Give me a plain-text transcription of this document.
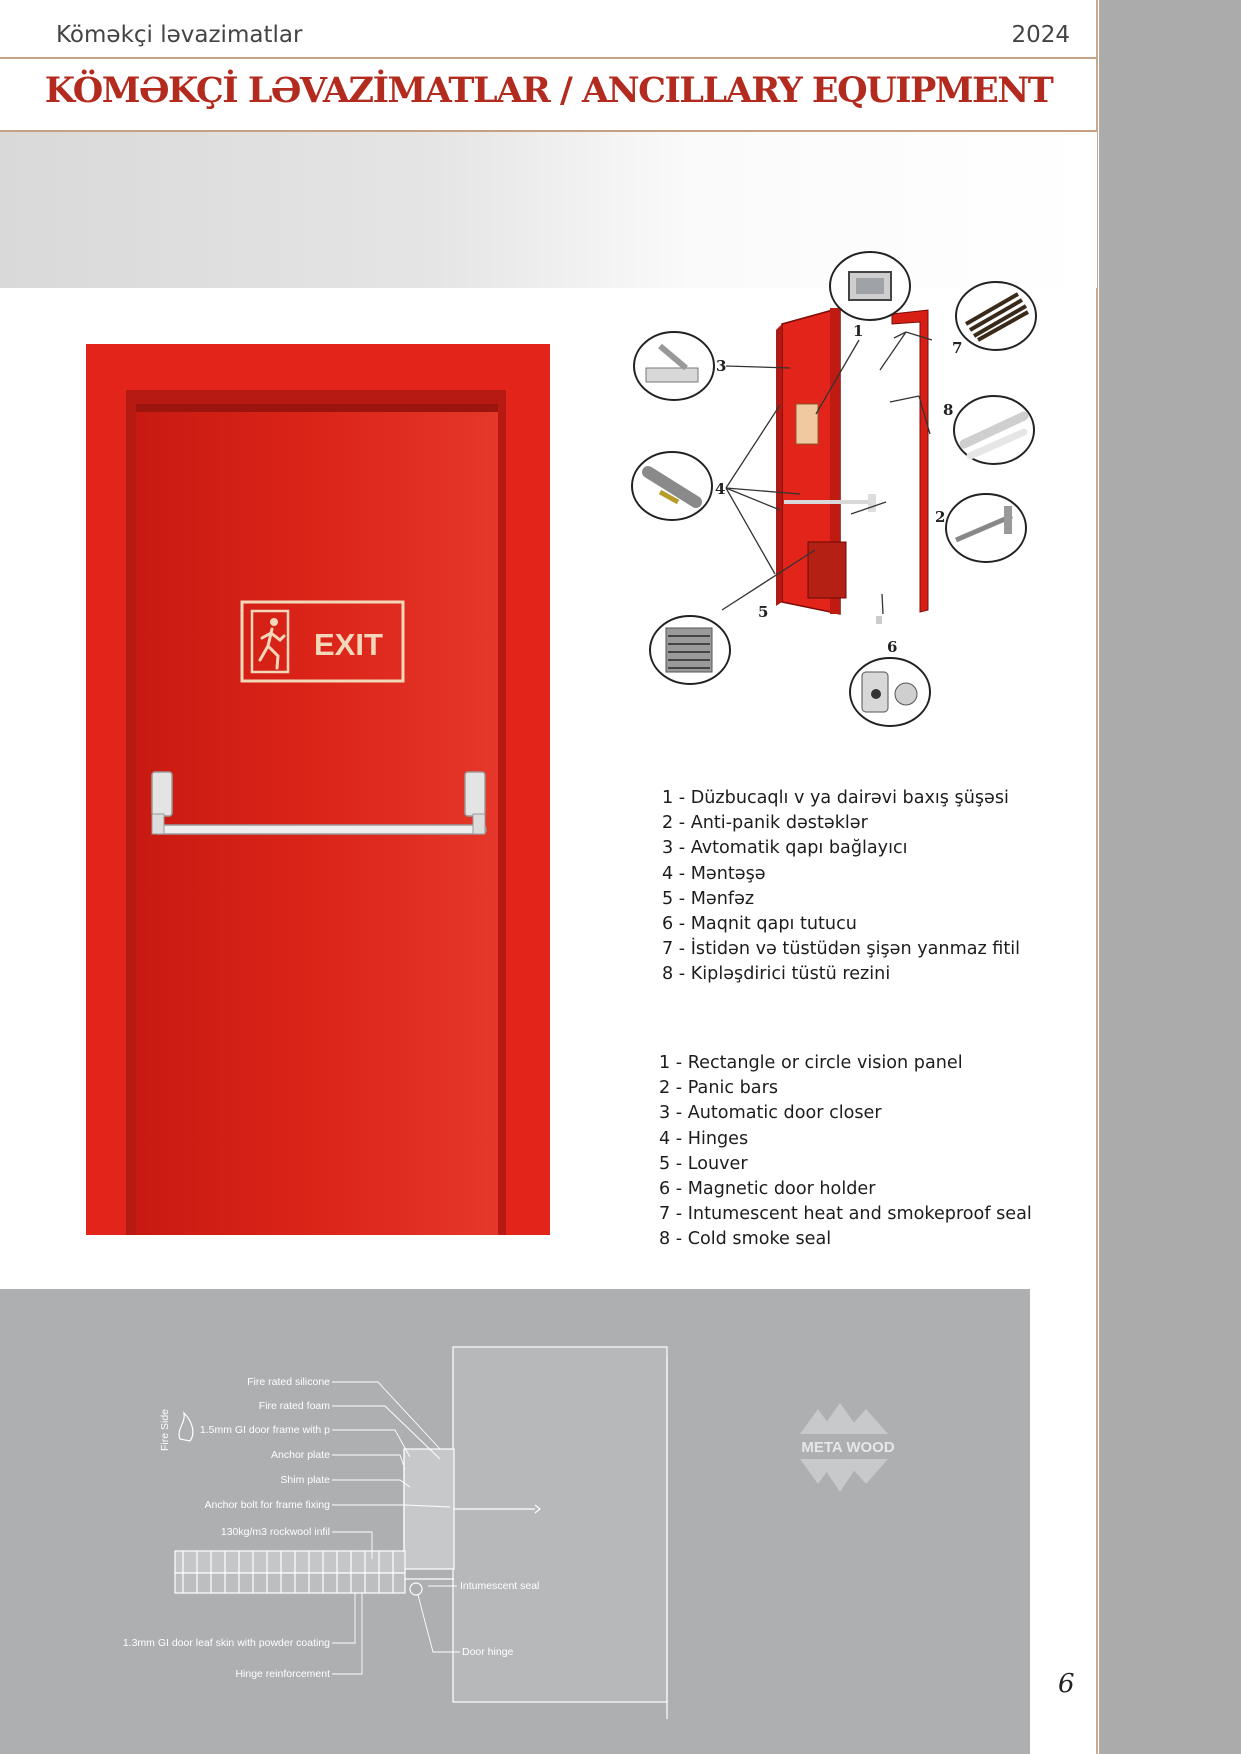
Köməkçi ləvazimatlar	2024
KÖMƏKÇİ LƏVAZİMATLAR / ANCILLARY EQUIPMENT
EXIT
1
2
3
4
5
6
7
8
1 - Düzbucaqlı v ya dairəvi baxış şüşəsi
2 - Anti-panik dəstəklər
3 - Avtomatik qapı bağlayıcı
4 - Məntəşə
5 - Mənfəz
6 - Maqnit qapı tutucu
7 - İstidən və tüstüdən şişən yanmaz fitil
8 - Kipləşdirici tüstü rezini
1 - Rectangle or circle vision panel
2 - Panic bars
3 - Automatic door closer
4 - Hinges
5 - Louver
6 - Magnetic door holder
7 - Intumescent heat and smokeproof seal
8 - Cold smoke seal
Fire rated silicone
Fire rated foam
1.5mm GI door frame with p
Anchor plate
Shim plate
Anchor bolt for frame fixing
130kg/m3 rockwool infil
1.3mm GI door leaf skin with powder coating
Hinge reinforcement
Intumescent seal
Door hinge
Fire Side	META WOOD
6
